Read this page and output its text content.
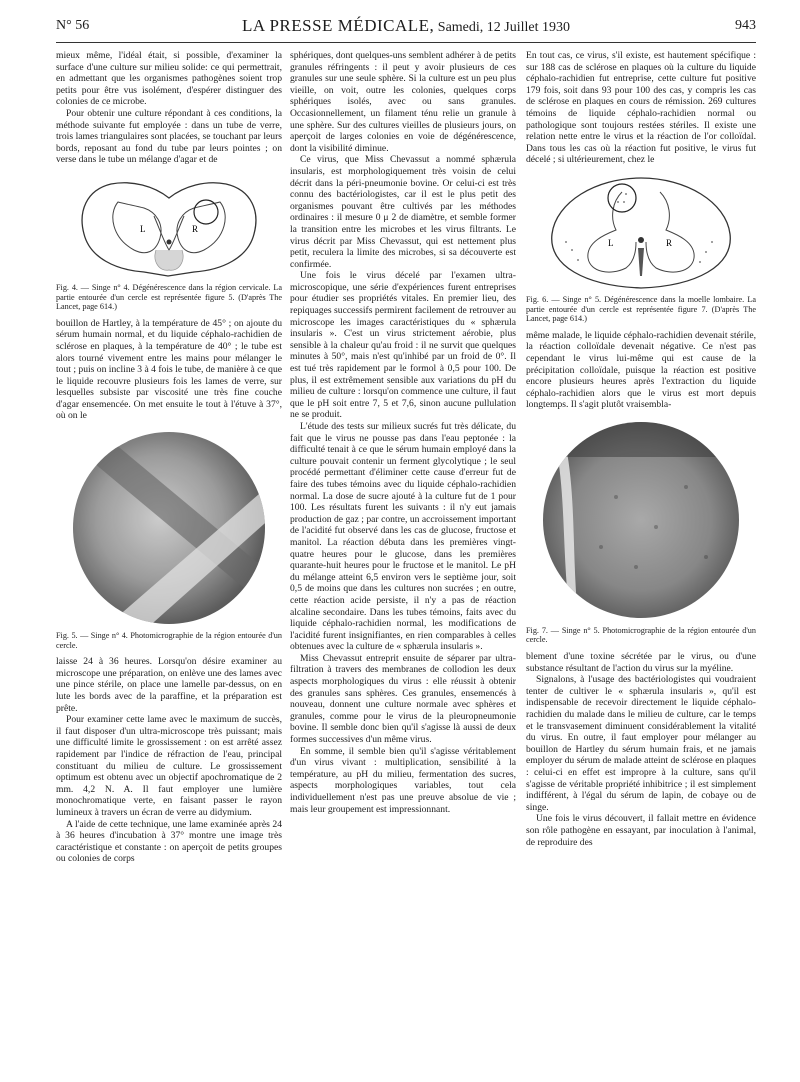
N° 56	LA PRESSE MÉDICALE, Samedi, 12 Juillet 1930	943

mieux même, l'idéal était, si possible, d'examiner la surface d'une culture sur milieu solide: ce qui permettrait, en admettant que les organismes pathogènes soient trop petits pour être vus isolément, d'espérer distinguer des colonies de ce microbe.

Pour obtenir une culture répondant à ces conditions, la méthode suivante fut employée : dans un tube de verre, trois lames triangulaires sont placées, se touchant par leurs bords, reposant au fond du tube par leurs pointes ; on verse dans le tube un mélange d'agar et de

L	R
Fig. 4. — Singe n° 4. Dégénérescence dans la région cervicale. La partie entourée d'un cercle est représentée figure 5. (D'après The Lancet, page 614.)

bouillon de Hartley, à la température de 45° ; on ajoute du sérum humain normal, et du liquide céphalo-rachidien de sclérose en plaques, à la température de 40° ; le tube est alors tourné vivement entre les mains pour mélanger le tout ; puis on incline 3 à 4 fois le tube, de manière à ce que le liquide recouvre plusieurs fois les lames de verre, sur lesquelles subsiste par viscosité une très fine couche d'agar ensemencée. On met ensuite le tout à l'étuve à 37°, où on le

Fig. 5. — Singe n° 4. Photomicrographie de la région entourée d'un cercle.

laisse 24 à 36 heures. Lorsqu'on désire examiner au microscope une préparation, on enlève une des lames avec une pince stérile, on place une lamelle par-dessus, on en lute les bords avec de la paraffine, et la préparation est prête.

Pour examiner cette lame avec le maximum de succès, il faut disposer d'un ultra-microscope très puissant; mais une difficulté limite le grossissement : on est arrêté assez rapidement par l'indice de réfraction de l'eau, principal constituant du milieu de culture. Le grossissement optimum est obtenu avec un objectif apochromatique de 2 mm. 4,2 N. A. Il faut employer une lumière monochromatique verte, en faisant passer le rayon lumineux à travers un écran de verre au didymium.

A l'aide de cette technique, une lame examinée après 24 à 36 heures d'incubation à 37° montre une image très caractéristique et constante : on aperçoit de petits groupes ou colonies de corps

sphériques, dont quelques-uns semblent adhérer à de petits granules réfringents : il peut y avoir plusieurs de ces granules sur une seule sphère. Si la culture est un peu plus vieille, on voit, outre les colonies, quelques corps sphériques isolés, avec ou sans granules. Occasionnellement, un filament ténu relie un granule à une sphère. Sur des cultures vieilles de plusieurs jours, on aperçoit de larges colonies en voie de dégénérescence, dont la visibilité diminue.

Ce virus, que Miss Chevassut a nommé sphærula insularis, est morphologiquement très voisin de celui décrit dans la péri-pneumonie bovine. Or celui-ci est très connu des bactériologistes, car il est le plus petit des organismes pouvant être cultivés par les méthodes ordinaires : il mesure 0 μ 2 de diamètre, et semble former la transition entre les microbes et les virus filtrants. Le virus décrit par Miss Chevassut, qui est nettement plus petit, reculera la limite des microbes, si sa découverte est confirmée.

Une fois le virus décelé par l'examen ultra-microscopique, une série d'expériences furent entreprises pour étudier ses propriétés vitales. En premier lieu, des repiquages successifs permirent facilement de retrouver au microscope les images caractéristiques du « sphærula insularis ». C'est un virus strictement aérobie, plus sensible à la chaleur qu'au froid : il ne survit que quelques minutes à 50°, mais n'est qu'inhibé par un froid de 0°. Il est tué très rapidement par le formol à 0,5 pour 100. De plus, il est extrêmement sensible aux variations du pH du milieu de culture : lorsqu'on commence une culture, il faut que le pH soit entre 7, 5 et 7,6, sinon aucune pullulation ne se produit.

L'étude des tests sur milieux sucrés fut très délicate, du fait que le virus ne pousse pas dans l'eau peptonée : la difficulté tenait à ce que le sérum humain employé dans la culture pouvait contenir un ferment glycolytique ; le seul procédé permettant d'éliminer cette cause d'erreur fut de faire des tubes témoins avec du liquide céphalo-rachidien normal. La dose de sucre ajouté à la culture fut de 1 pour 100. Les résultats furent les suivants : il n'y eut jamais production de gaz ; par contre, un accroissement important de l'acidité fut observé dans les cas de glucose, fructose et manitol. La réaction débuta dans les premières vingt-quatre heures pour le glucose, dans les premières quarante-huit heures pour le fructose et le manitol. Le pH du mélange atteint 6,5 environ vers le septième jour, soit 0,5 de moins que dans les cultures non sucrées ; en outre, cette réaction acide persiste, il n'y a pas de réaction alcaline secondaire. Dans les tubes témoins, faits avec du liquide céphalo-rachidien normal, les modifications de l'acidité furent insignifiantes, en rien comparables à celles obtenues avec la culture de « sphærula insularis ».

Miss Chevassut entreprit ensuite de séparer par ultra-filtration à travers des membranes de collodion les deux aspects morphologiques du virus : elle réussit à obtenir des granules sans sphères. Ces granules, ensemencés à nouveau, donnent une culture normale avec sphères et granules, comme pour le virus de la pleuropneumonie bovine. Il semble donc bien qu'il s'agisse là aussi de deux formes successives d'un même virus.

En somme, il semble bien qu'il s'agisse véritablement d'un virus vivant : multiplication, sensibilité à la température, au pH du milieu, fermentation des sucres, aspects morphologiques variables, tout cela individuellement n'est pas une preuve absolue de vie ; mais leur groupement est impressionnant.

En tout cas, ce virus, s'il existe, est hautement spécifique : sur 188 cas de sclérose en plaques où la culture du liquide céphalo-rachidien fut entreprise, cette culture fut positive 179 fois, soit dans 93 pour 100 des cas, y compris les cas de sclérose en plaques en cours de rémission. 269 cultures témoins de liquide céphalo-rachidien normal ou pathologique sont toujours restées stériles. Il existe une relation nette entre le virus et la réaction de l'or colloïdal. Dans tous les cas où la réaction fut positive, le virus fut décelé ; si ultérieurement, chez le

L	R
Fig. 6. — Singe n° 5. Dégénérescence dans la moelle lombaire. La partie entourée d'un cercle est représentée figure 7. (D'après The Lancet, page 614.)

même malade, le liquide céphalo-rachidien devenait stérile, la réaction colloïdale devenait négative. Ce n'est pas cependant le virus lui-même qui est cause de la précipitation colloïdale, puisque la réaction est positive encore plusieurs heures après l'extraction du liquide céphalo-rachidien alors que le virus est mort depuis longtemps. Il s'agit plutôt vraisembla-

Fig. 7. — Singe n° 5. Photomicrographie de la région entourée d'un cercle.

blement d'une toxine sécrétée par le virus, ou d'une substance résultant de l'action du virus sur la myéline.

Signalons, à l'usage des bactériologistes qui voudraient tenter de cultiver le « sphærula insularis », qu'il est indispensable de recevoir directement le liquide céphalo-rachidien du malade dans le milieu de culture, car le temps et le transvasement diminuent considérablement la vitalité du virus. En outre, il faut employer pour mélanger au bouillon de Hartley du sérum humain frais, et ne jamais employer du sérum de malade atteint de sclérose en plaques : celui-ci en effet est impropre à la culture, sans qu'il s'agisse de véritable propriété inhibitrice ; il est simplement indifférent, à l'égal du sérum de lapin, de cobaye ou de singe.

Une fois le virus découvert, il fallait mettre en évidence son rôle pathogène en essayant, par inoculation à l'animal, de reproduire des
